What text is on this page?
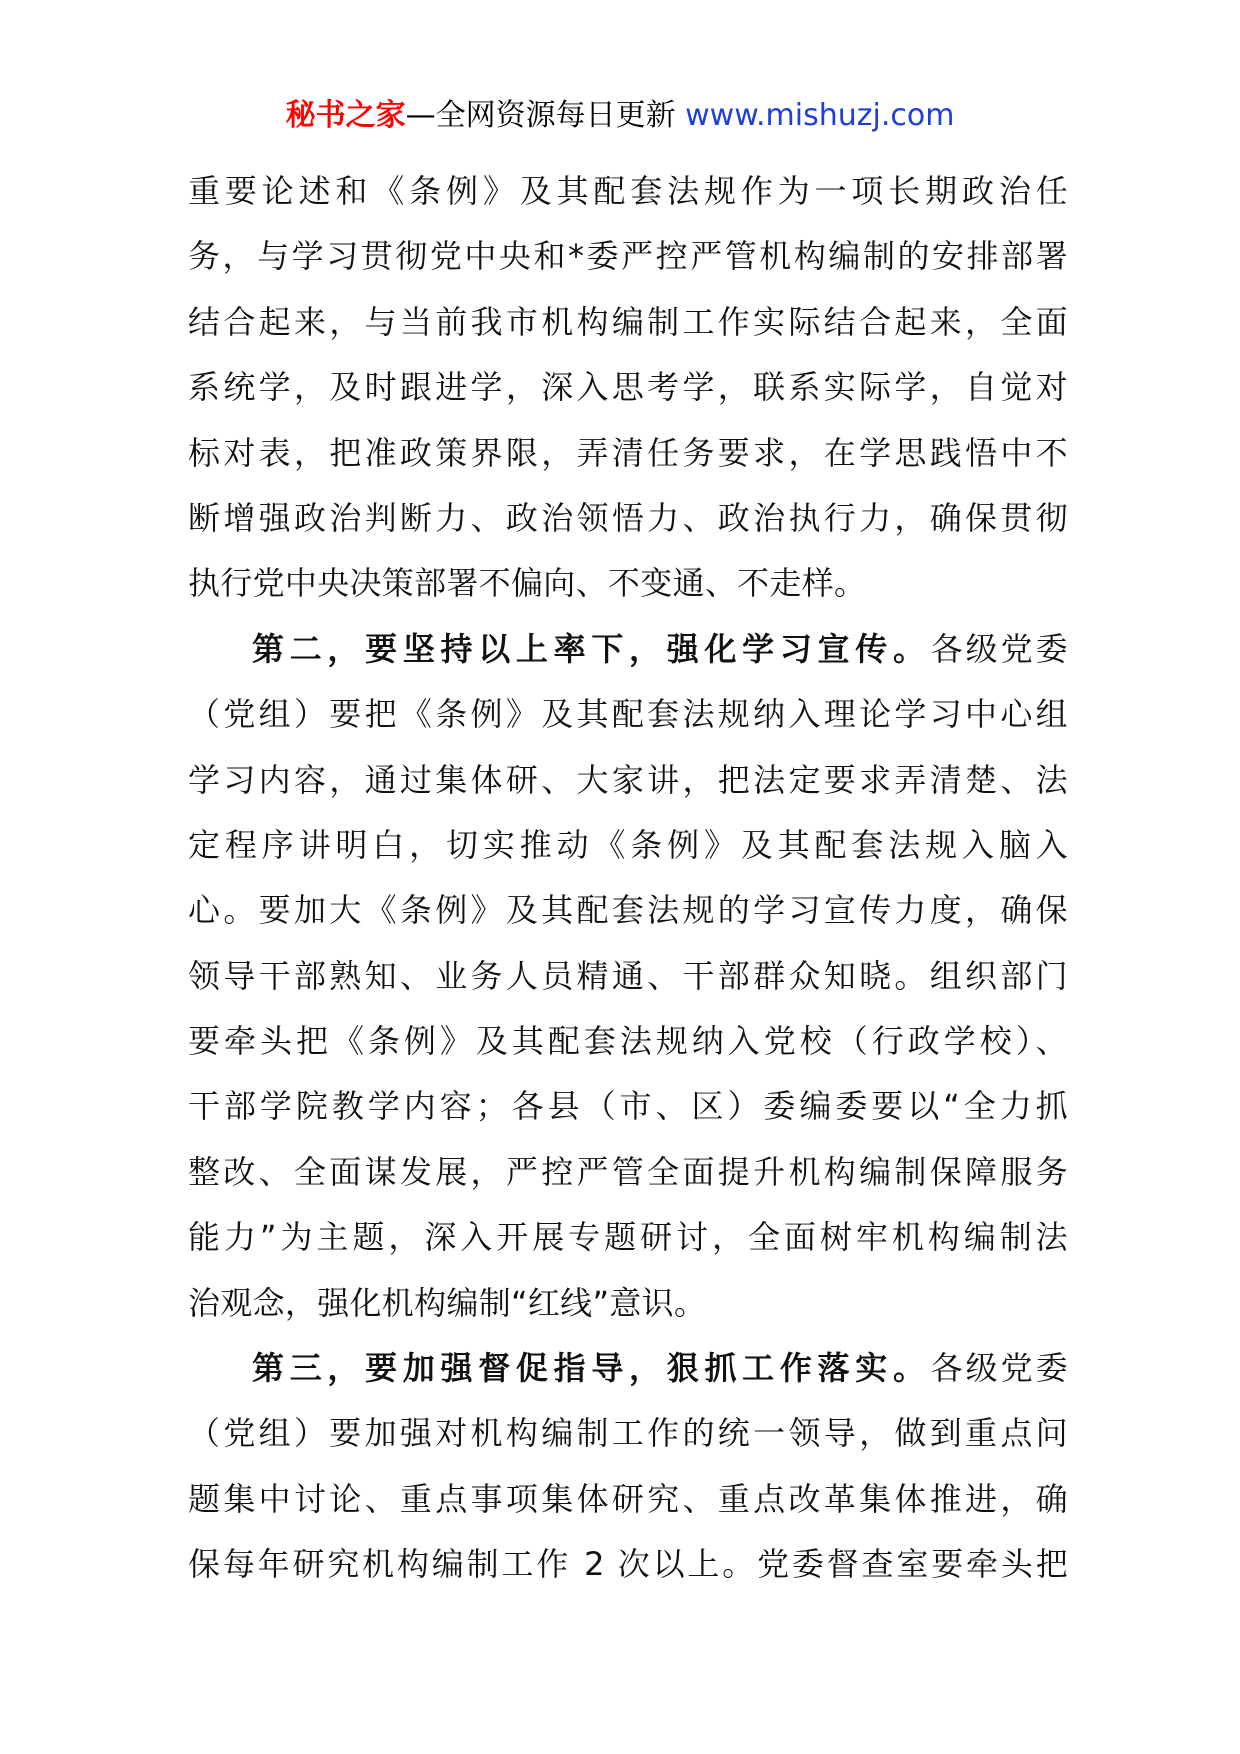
秘书之家—全网资源每日更新 www.mishuzj.com
重要论述和《条例》及其配套法规作为一项长期政治任
务，与学习贯彻党中央和*委严控严管机构编制的安排部署
结合起来，与当前我市机构编制工作实际结合起来，全面
系统学，及时跟进学，深入思考学，联系实际学，自觉对
标对表，把准政策界限，弄清任务要求，在学思践悟中不
断增强政治判断力、政治领悟力、政治执行力，确保贯彻
执行党中央决策部署不偏向、不变通、不走样。
第二，要坚持以上率下，强化学习宣传。各级党委
（党组）要把《条例》及其配套法规纳入理论学习中心组
学习内容，通过集体研、大家讲，把法定要求弄清楚、法
定程序讲明白，切实推动《条例》及其配套法规入脑入
心。要加大《条例》及其配套法规的学习宣传力度，确保
领导干部熟知、业务人员精通、干部群众知晓。组织部门
要牵头把《条例》及其配套法规纳入党校（行政学校）、
干部学院教学内容；各县（市、区）委编委要以“全力抓
整改、全面谋发展，严控严管全面提升机构编制保障服务
能力”为主题，深入开展专题研讨，全面树牢机构编制法
治观念，强化机构编制“红线”意识。
第三，要加强督促指导，狠抓工作落实。各级党委
（党组）要加强对机构编制工作的统一领导，做到重点问
题集中讨论、重点事项集体研究、重点改革集体推进，确
保每年研究机构编制工作 2 次以上。党委督查室要牵头把
